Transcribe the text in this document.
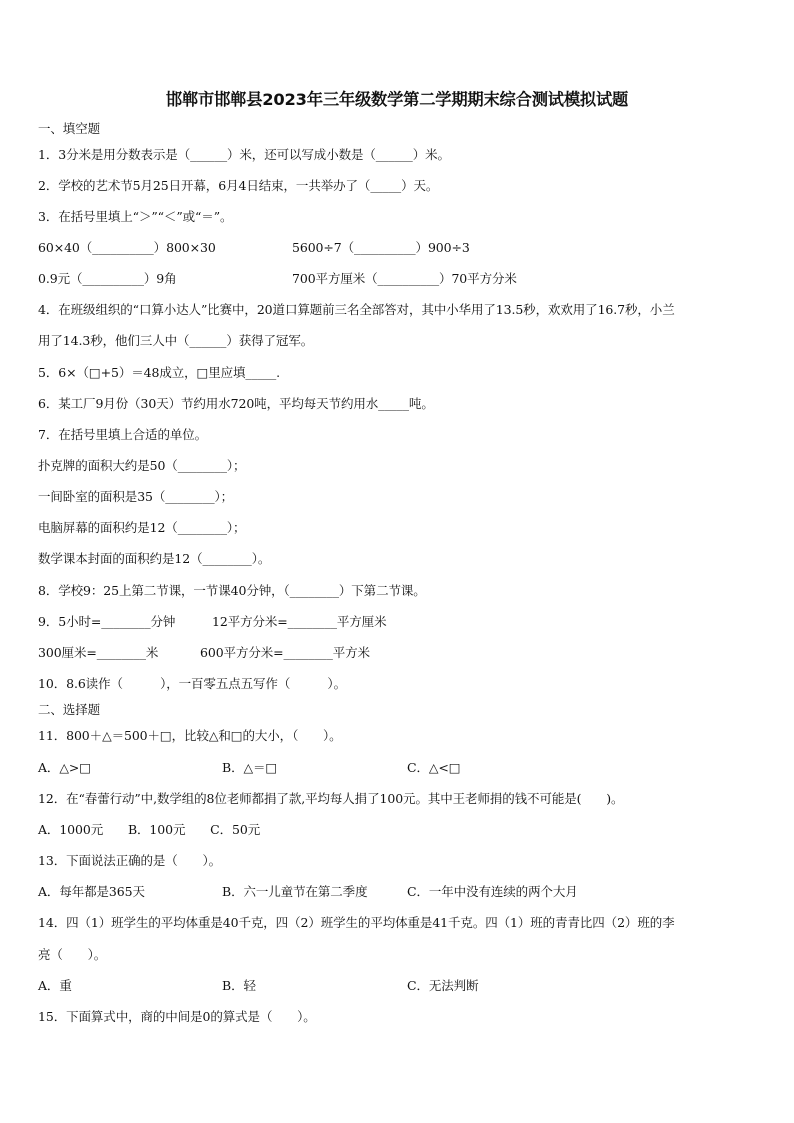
邯郸市邯郸县2023年三年级数学第二学期期末综合测试模拟试题
一、填空题
1．3分米是用分数表示是（______）米，还可以写成小数是（______）米。
2．学校的艺术节5月25日开幕，6月4日结束，一共举办了（_____）天。
3．在括号里填上“＞”“＜”或“＝”。
60×40（__________）800×30	5600÷7（__________）900÷3
0.9元（__________）9角	700平方厘米（__________）70平方分米
4．在班级组织的“口算小达人”比赛中，20道口算题前三名全部答对，其中小华用了13.5秒，欢欢用了16.7秒，小兰
用了14.3秒，他们三人中（______）获得了冠军。
5．6×（□+5）＝48成立，□里应填_____.
6．某工厂9月份（30天）节约用水720吨，平均每天节约用水_____吨。
7．在括号里填上合适的单位。
扑克牌的面积大约是50（________）；
一间卧室的面积是35（________）；
电脑屏幕的面积约是12（________）；
数学课本封面的面积约是12（________）。
8．学校9：25上第二节课，一节课40分钟，（________）下第二节课。
9．5小时=________分钟	12平方分米=________平方厘米
300厘米=________米	600平方分米=________平方米
10．8.6读作（　　　），一百零五点五写作（　　　）。
二、选择题
11．800＋△＝500＋□，比较△和□的大小，（　　）。
A．△>□	B．△＝□	C．△<□
12．在“春蕾行动”中,数学组的8位老师都捐了款,平均每人捐了100元。其中王老师捐的钱不可能是(　　)。
A．1000元　　B．100元　　C．50元
13．下面说法正确的是（　　）。
A．每年都是365天	B．六一儿童节在第二季度	C．一年中没有连续的两个大月
14．四（1）班学生的平均体重是40千克，四（2）班学生的平均体重是41千克。四（1）班的青青比四（2）班的李
亮（　　）。
A．重	B．轻	C．无法判断
15．下面算式中，商的中间是0的算式是（　　）。
